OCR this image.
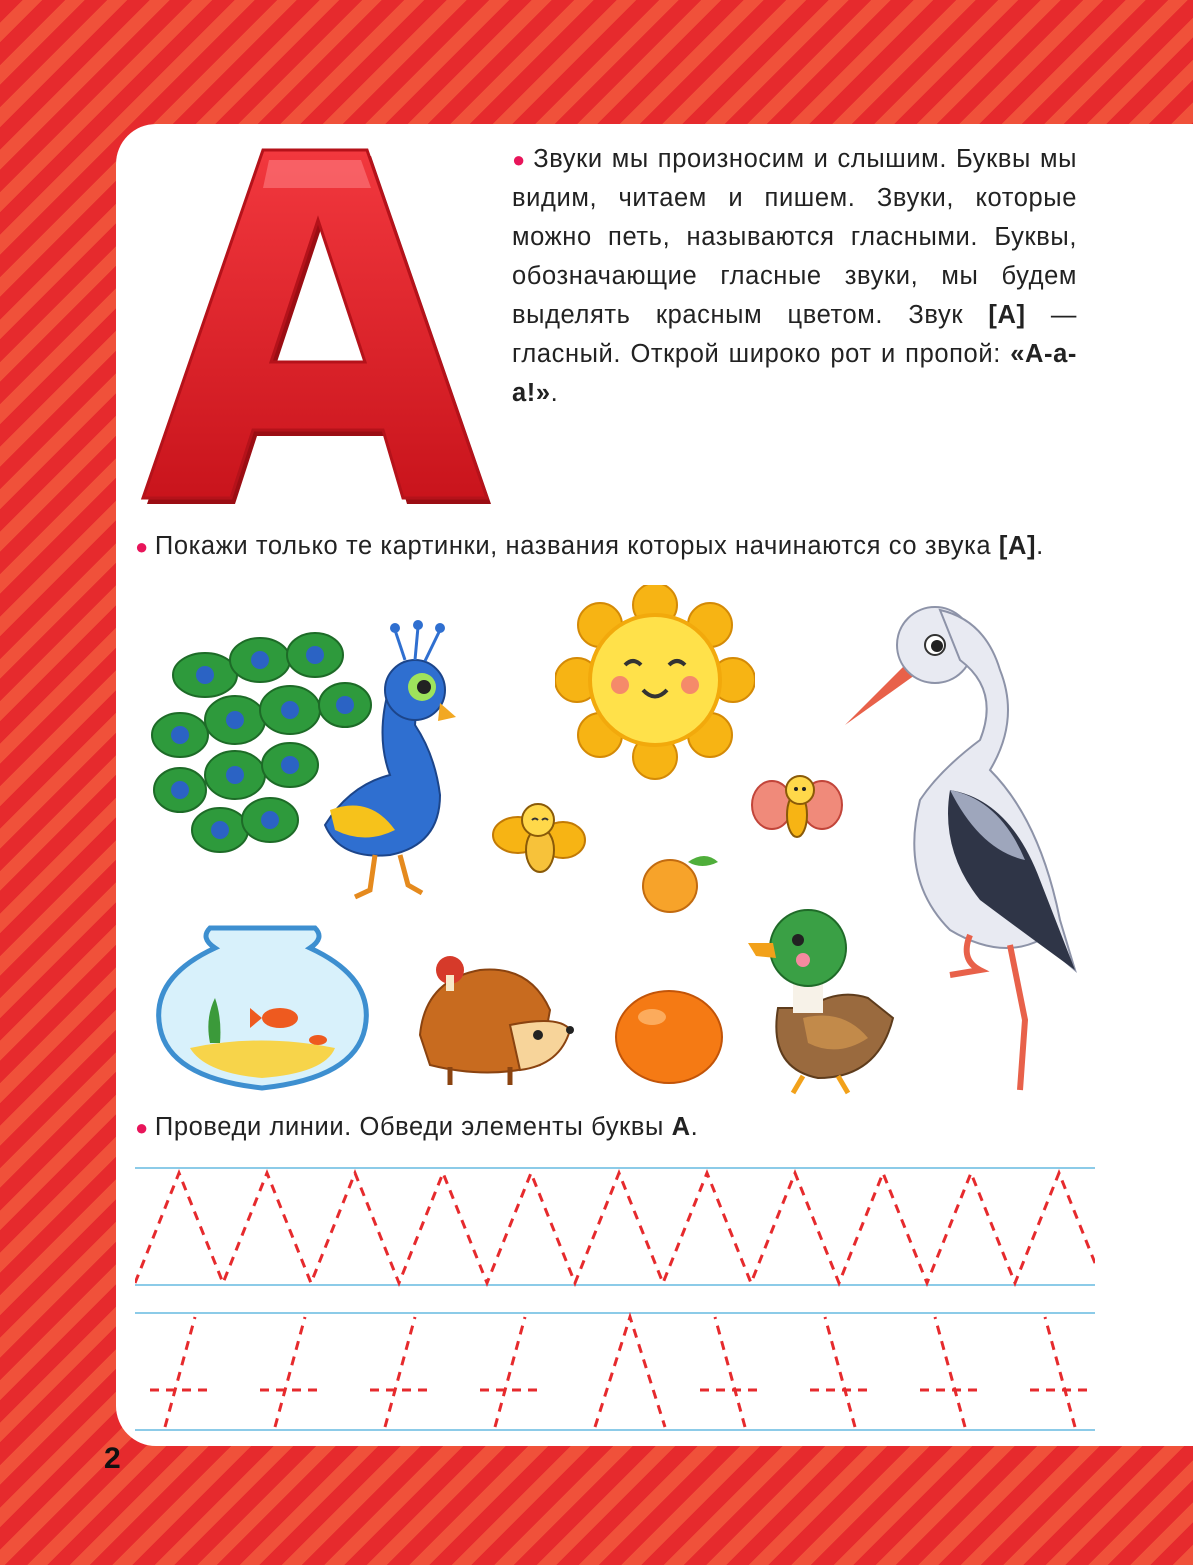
● Звуки мы произносим и слышим. Буквы мы видим, читаем и пишем. Звуки, которые можно петь, называются гласными. Буквы, обозначающие гласные звуки, мы будем выделять красным цветом. Звук [А] — гласный. Открой широко рот и пропой: «А-а-а!».
● Покажи только те картинки, названия которых начинаются со звука [А].
● Проведи линии. Обведи элементы буквы А.
2
